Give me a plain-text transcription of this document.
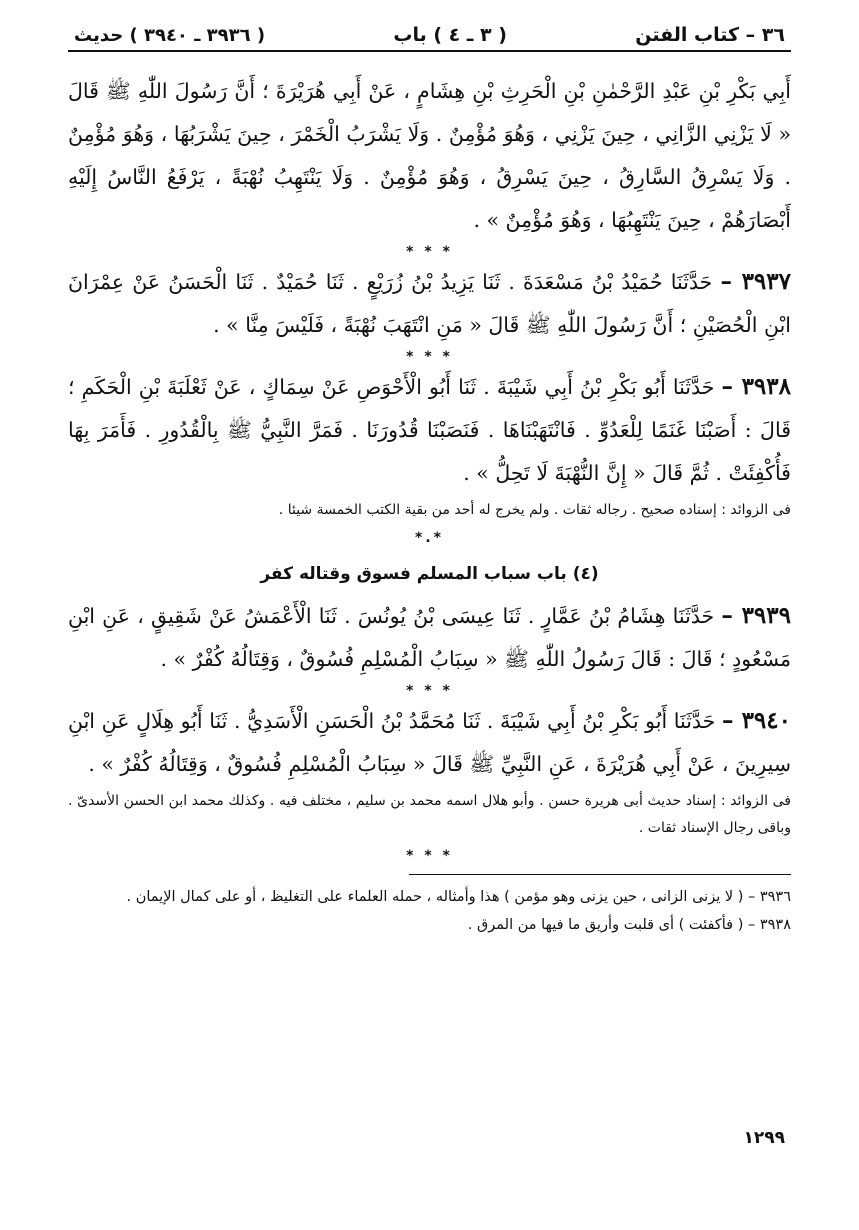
٣٦ – كتاب الفتن
( ٣ ـ ٤ ) باب
( ٣٩٣٦ ـ ٣٩٤٠ ) حديث

أَبِي بَكْرِ بْنِ عَبْدِ الرَّحْمٰنِ بْنِ الْحَرِثِ بْنِ هِشَامٍ ، عَنْ أَبِي هُرَيْرَةَ ؛ أَنَّ رَسُولَ اللّٰهِ ﷺ قَالَ « لَا يَزْنِي الزَّانِي ، حِينَ يَزْنِي ، وَهُوَ مُؤْمِنٌ . وَلَا يَشْرَبُ الْخَمْرَ ، حِينَ يَشْرَبُهَا ، وَهُوَ مُؤْمِنٌ . وَلَا يَسْرِقُ السَّارِقُ ، حِينَ يَسْرِقُ ، وَهُوَ مُؤْمِنٌ . وَلَا يَنْتَهِبُ نُهْبَةً ، يَرْفَعُ النَّاسُ إِلَيْهِ أَبْصَارَهُمْ ، حِينَ يَنْتَهِبُهَا ، وَهُوَ مُؤْمِنٌ » .

* * *

٣٩٣٧ – حَدَّثَنَا حُمَيْدُ بْنُ مَسْعَدَةَ . ثَنَا يَزِيدُ بْنُ زُرَيْعٍ . ثَنَا حُمَيْدٌ . ثَنَا الْحَسَنُ عَنْ عِمْرَانَ ابْنِ الْحُصَيْنِ ؛ أَنَّ رَسُولَ اللّٰهِ ﷺ قَالَ « مَنِ انْتَهَبَ نُهْبَةً ، فَلَيْسَ مِنَّا » .

* * *

٣٩٣٨ – حَدَّثَنَا أَبُو بَكْرِ بْنُ أَبِي شَيْبَةَ . ثَنَا أَبُو الْأَحْوَصِ عَنْ سِمَاكٍ ، عَنْ ثَعْلَبَةَ بْنِ الْحَكَمِ ؛ قَالَ : أَصَبْنَا غَنَمًا لِلْعَدُوِّ . فَانْتَهَبْنَاهَا . فَنَصَبْنَا قُدُورَنَا . فَمَرَّ النَّبِيُّ ﷺ بِالْقُدُورِ . فَأَمَرَ بِهَا فَأُكْفِئَتْ . ثُمَّ قَالَ « إِنَّ النُّهْبَةَ لَا تَحِلُّ » .

فى الزوائد : إسناده صحيح . رجاله ثقات . ولم يخرج له أحد من بقية الكتب الخمسة شيئا .

*.*
(٤) باب سباب المسلم فسوق وقتاله كفر

٣٩٣٩ – حَدَّثَنَا هِشَامُ بْنُ عَمَّارٍ . ثَنَا عِيسَى بْنُ يُونُسَ . ثَنَا الْأَعْمَشُ عَنْ شَقِيقٍ ، عَنِ ابْنِ مَسْعُودٍ ؛ قَالَ : قَالَ رَسُولُ اللّٰهِ ﷺ « سِبَابُ الْمُسْلِمِ فُسُوقٌ ، وَقِتَالُهُ كُفْرٌ » .

* * *

٣٩٤٠ – حَدَّثَنَا أَبُو بَكْرِ بْنُ أَبِي شَيْبَةَ . ثَنَا مُحَمَّدُ بْنُ الْحَسَنِ الْأَسَدِيُّ . ثَنَا أَبُو هِلَالٍ عَنِ ابْنِ سِيرِينَ ، عَنْ أَبِي هُرَيْرَةَ ، عَنِ النَّبِيِّ ﷺ قَالَ « سِبَابُ الْمُسْلِمِ فُسُوقٌ ، وَقِتَالُهُ كُفْرٌ » .

فى الزوائد : إسناد حديث أبى هريرة حسن . وأبو هلال اسمه محمد بن سليم ، مختلف فيه . وكذلك محمد ابن الحسن الأسدىّ . وباقى رجال الإسناد ثقات .

* * *

٣٩٣٦ – ( لا يزنى الزانى ، حين يزنى وهو مؤمن ) هذا وأمثاله ، حمله العلماء على التغليظ ، أو على كمال الإيمان .

٣٩٣٨ – ( فأكفئت ) أى قلبت وأريق ما فيها من المرق .

١٢٩٩
